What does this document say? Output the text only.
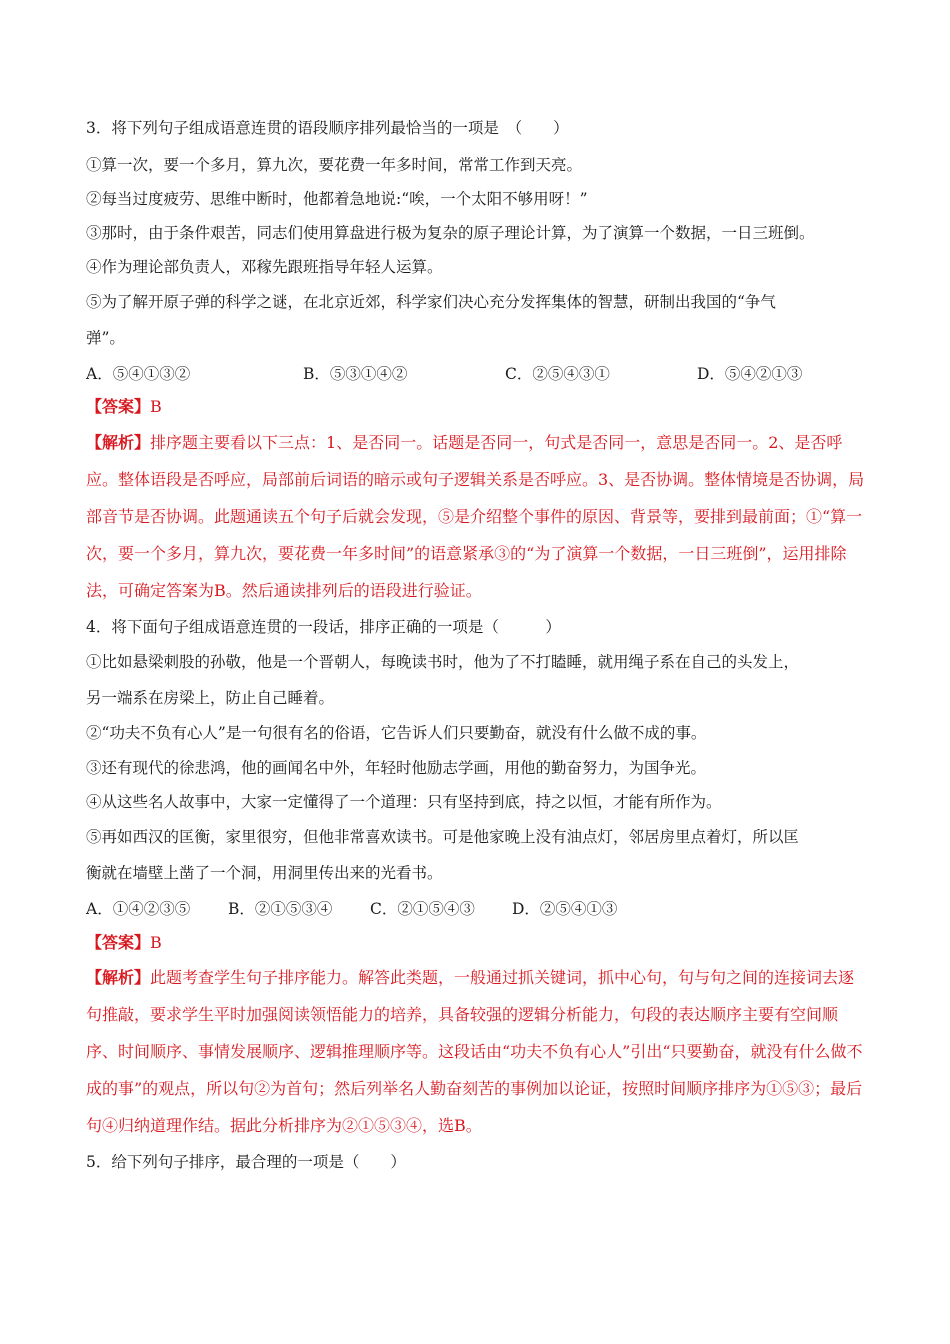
3．将下列句子组成语意连贯的语段顺序排列最恰当的一项是　（　　）
①算一次，要一个多月，算九次，要花费一年多时间，常常工作到天亮。
②每当过度疲劳、思维中断时，他都着急地说:“唉，一个太阳不够用呀！”
③那时，由于条件艰苦，同志们使用算盘进行极为复杂的原子理论计算，为了演算一个数据，一日三班倒。
④作为理论部负责人，邓稼先跟班指导年轻人运算。
⑤为了解开原子弹的科学之谜，在北京近郊，科学家们决心充分发挥集体的智慧，研制出我国的“争气
弹”。
A．⑤④①③②	B．⑤③①④②	C．②⑤④③①	D．⑤④②①③
【答案】B
【解析】排序题主要看以下三点：1、是否同一。话题是否同一，句式是否同一，意思是否同一。2、是否呼应。整体语段是否呼应，局部前后词语的暗示或句子逻辑关系是否呼应。3、是否协调。整体情境是否协调，局部音节是否协调。此题通读五个句子后就会发现，⑤是介绍整个事件的原因、背景等，要排到最前面；①“算一次，要一个多月，算九次，要花费一年多时间”的语意紧承③的“为了演算一个数据，一日三班倒”，运用排除法，可确定答案为B。然后通读排列后的语段进行验证。
4．将下面句子组成语意连贯的一段话，排序正确的一项是（　　　）
①比如悬梁刺股的孙敬，他是一个晋朝人，每晚读书时，他为了不打瞌睡，就用绳子系在自己的头发上，
另一端系在房梁上，防止自己睡着。
②“功夫不负有心人”是一句很有名的俗语，它告诉人们只要勤奋，就没有什么做不成的事。
③还有现代的徐悲鸿，他的画闻名中外，年轻时他励志学画，用他的勤奋努力，为国争光。
④从这些名人故事中，大家一定懂得了一个道理：只有坚持到底，持之以恒，才能有所作为。
⑤再如西汉的匡衡，家里很穷，但他非常喜欢读书。可是他家晚上没有油点灯，邻居房里点着灯，所以匡
衡就在墙壁上凿了一个洞，用洞里传出来的光看书。
A．①④②③⑤ B．②①⑤③④ C．②①⑤④③ D．②⑤④①③
【答案】B
【解析】此题考查学生句子排序能力。解答此类题，一般通过抓关键词，抓中心句，句与句之间的连接词去逐句推敲，要求学生平时加强阅读领悟能力的培养，具备较强的逻辑分析能力，句段的表达顺序主要有空间顺序、时间顺序、事情发展顺序、逻辑推理顺序等。这段话由“功夫不负有心人”引出“只要勤奋，就没有什么做不成的事”的观点，所以句②为首句；然后列举名人勤奋刻苦的事例加以论证，按照时间顺序排序为①⑤③；最后句④归纳道理作结。据此分析排序为②①⑤③④，选B。
5．给下列句子排序，最合理的一项是（　　）
